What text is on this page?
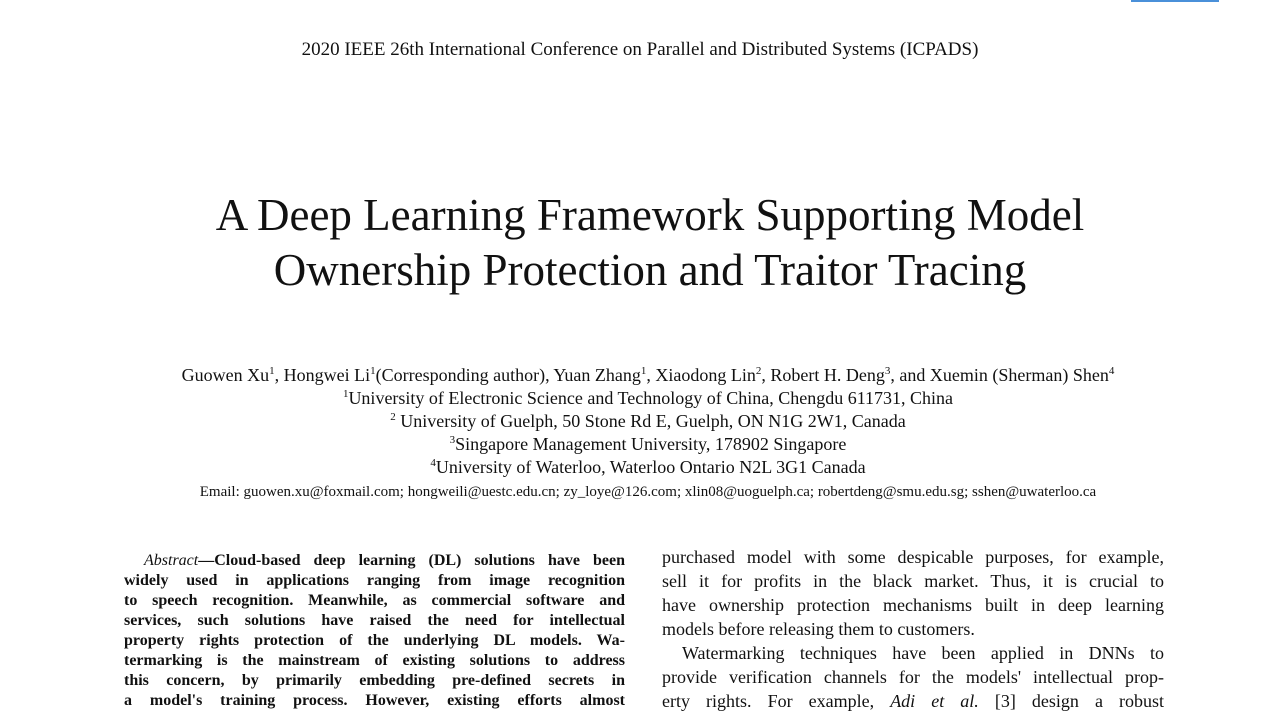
2020 IEEE 26th International Conference on Parallel and Distributed Systems (ICPADS)
A Deep Learning Framework Supporting Model
Ownership Protection and Traitor Tracing
Guowen Xu$^1$, Hongwei Li$^1$(Corresponding author), Yuan Zhang$^1$, Xiaodong Lin$^2$, Robert H. Deng$^3$, and Xuemin (Sherman) Shen$^4$
$^1$University of Electronic Science and Technology of China, Chengdu 611731, China
$^2$ University of Guelph, 50 Stone Rd E, Guelph, ON N1G 2W1, Canada
$^3$Singapore Management University, 178902 Singapore
$^4$University of Waterloo, Waterloo Ontario N2L 3G1 Canada
Email: guowen.xu@foxmail.com; hongweili@uestc.edu.cn; zy_loye@126.com; xlin08@uoguelph.ca; robertdeng@smu.edu.sg; sshen@uwaterloo.ca
Abstract—Cloud-based deep learning (DL) solutions have been
widely used in applications ranging from image recognition
to speech recognition. Meanwhile, as commercial software and
services, such solutions have raised the need for intellectual
property rights protection of the underlying DL models. Wa-
termarking is the mainstream of existing solutions to address
this concern, by primarily embedding pre-defined secrets in
a model's training process. However, existing efforts almost
purchased model with some despicable purposes, for example,
sell it for profits in the black market. Thus, it is crucial to
have ownership protection mechanisms built in deep learning
models before releasing them to customers.
Watermarking techniques have been applied in DNNs to
provide verification channels for the models' intellectual prop-
erty rights. For example, Adi et al. [3] design a robust
